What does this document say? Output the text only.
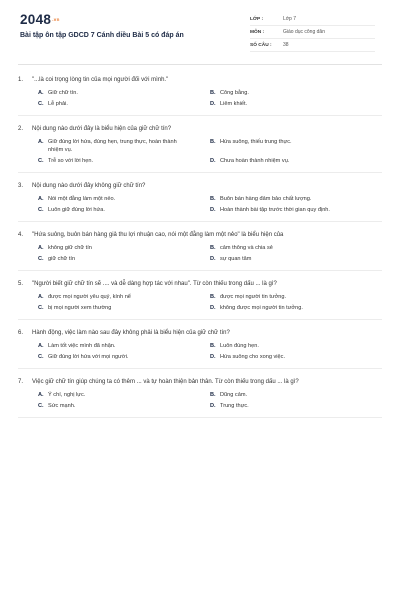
2048.vn
Bài tập ôn tập GDCD 7 Cánh diều Bài 5 có đáp án
LỚP :	Lớp 7
MÔN :	Giáo dục công dân
SỐ CÂU :	38
1.	"...là coi trọng lòng tin của mọi người đối với mình."
A. Giữ chữ tín.	B. Công bằng.
C. Lễ phải.	D. Liêm khiết.
2.	Nội dung nào dưới đây là biểu hiện của giữ chữ tín?
A. Giữ đúng lời hứa, đúng hẹn, trung thực, hoàn thành nhiệm vụ.
B. Hứa suông, thiếu trung thực.
C. Trễ so với lời hẹn.	D. Chưa hoàn thành nhiệm vụ.
3.	Nội dung nào dưới đây không giữ chữ tín?
A. Nói một đằng làm một nẻo.	B. Buôn bán hàng đảm bảo chất lượng.
C. Luôn giữ đúng lời hứa.	D. Hoàn thành bài tập trước thời gian quy định.
4.	"Hứa suông, buôn bán hàng giả thu lợi nhuận cao, nói một đằng làm một nẻo" là biểu hiện của
A. không giữ chữ tín	B. cảm thông và chia sẻ
C. giữ chữ tín	D. sự quan tâm
5.	"Người biết giữ chữ tín sẽ .... và dễ dàng hợp tác với nhau". Từ còn thiếu trong dấu ... là gì?
A. được mọi người yêu quý, kính nể	B. được mọi người tin tưởng.
C. bị mọi người xem thường	D. không được mọi người tin tưởng.
6.	Hành động, việc làm nào sau đây không phải là biểu hiện của giữ chữ tín?
A. Làm tốt việc mình đã nhận.	B. Luôn đúng hẹn.
C. Giữ đúng lời hứa với mọi người.	D. Hứa suông cho xong việc.
7.	Việc giữ chữ tín giúp chúng ta có thêm ... và tự hoàn thiện bản thân. Từ còn thiếu trong dấu ... là gì?
A. Ý chí, nghị lực.	B. Dũng cảm.
C. Sức mạnh.	D. Trung thực.
